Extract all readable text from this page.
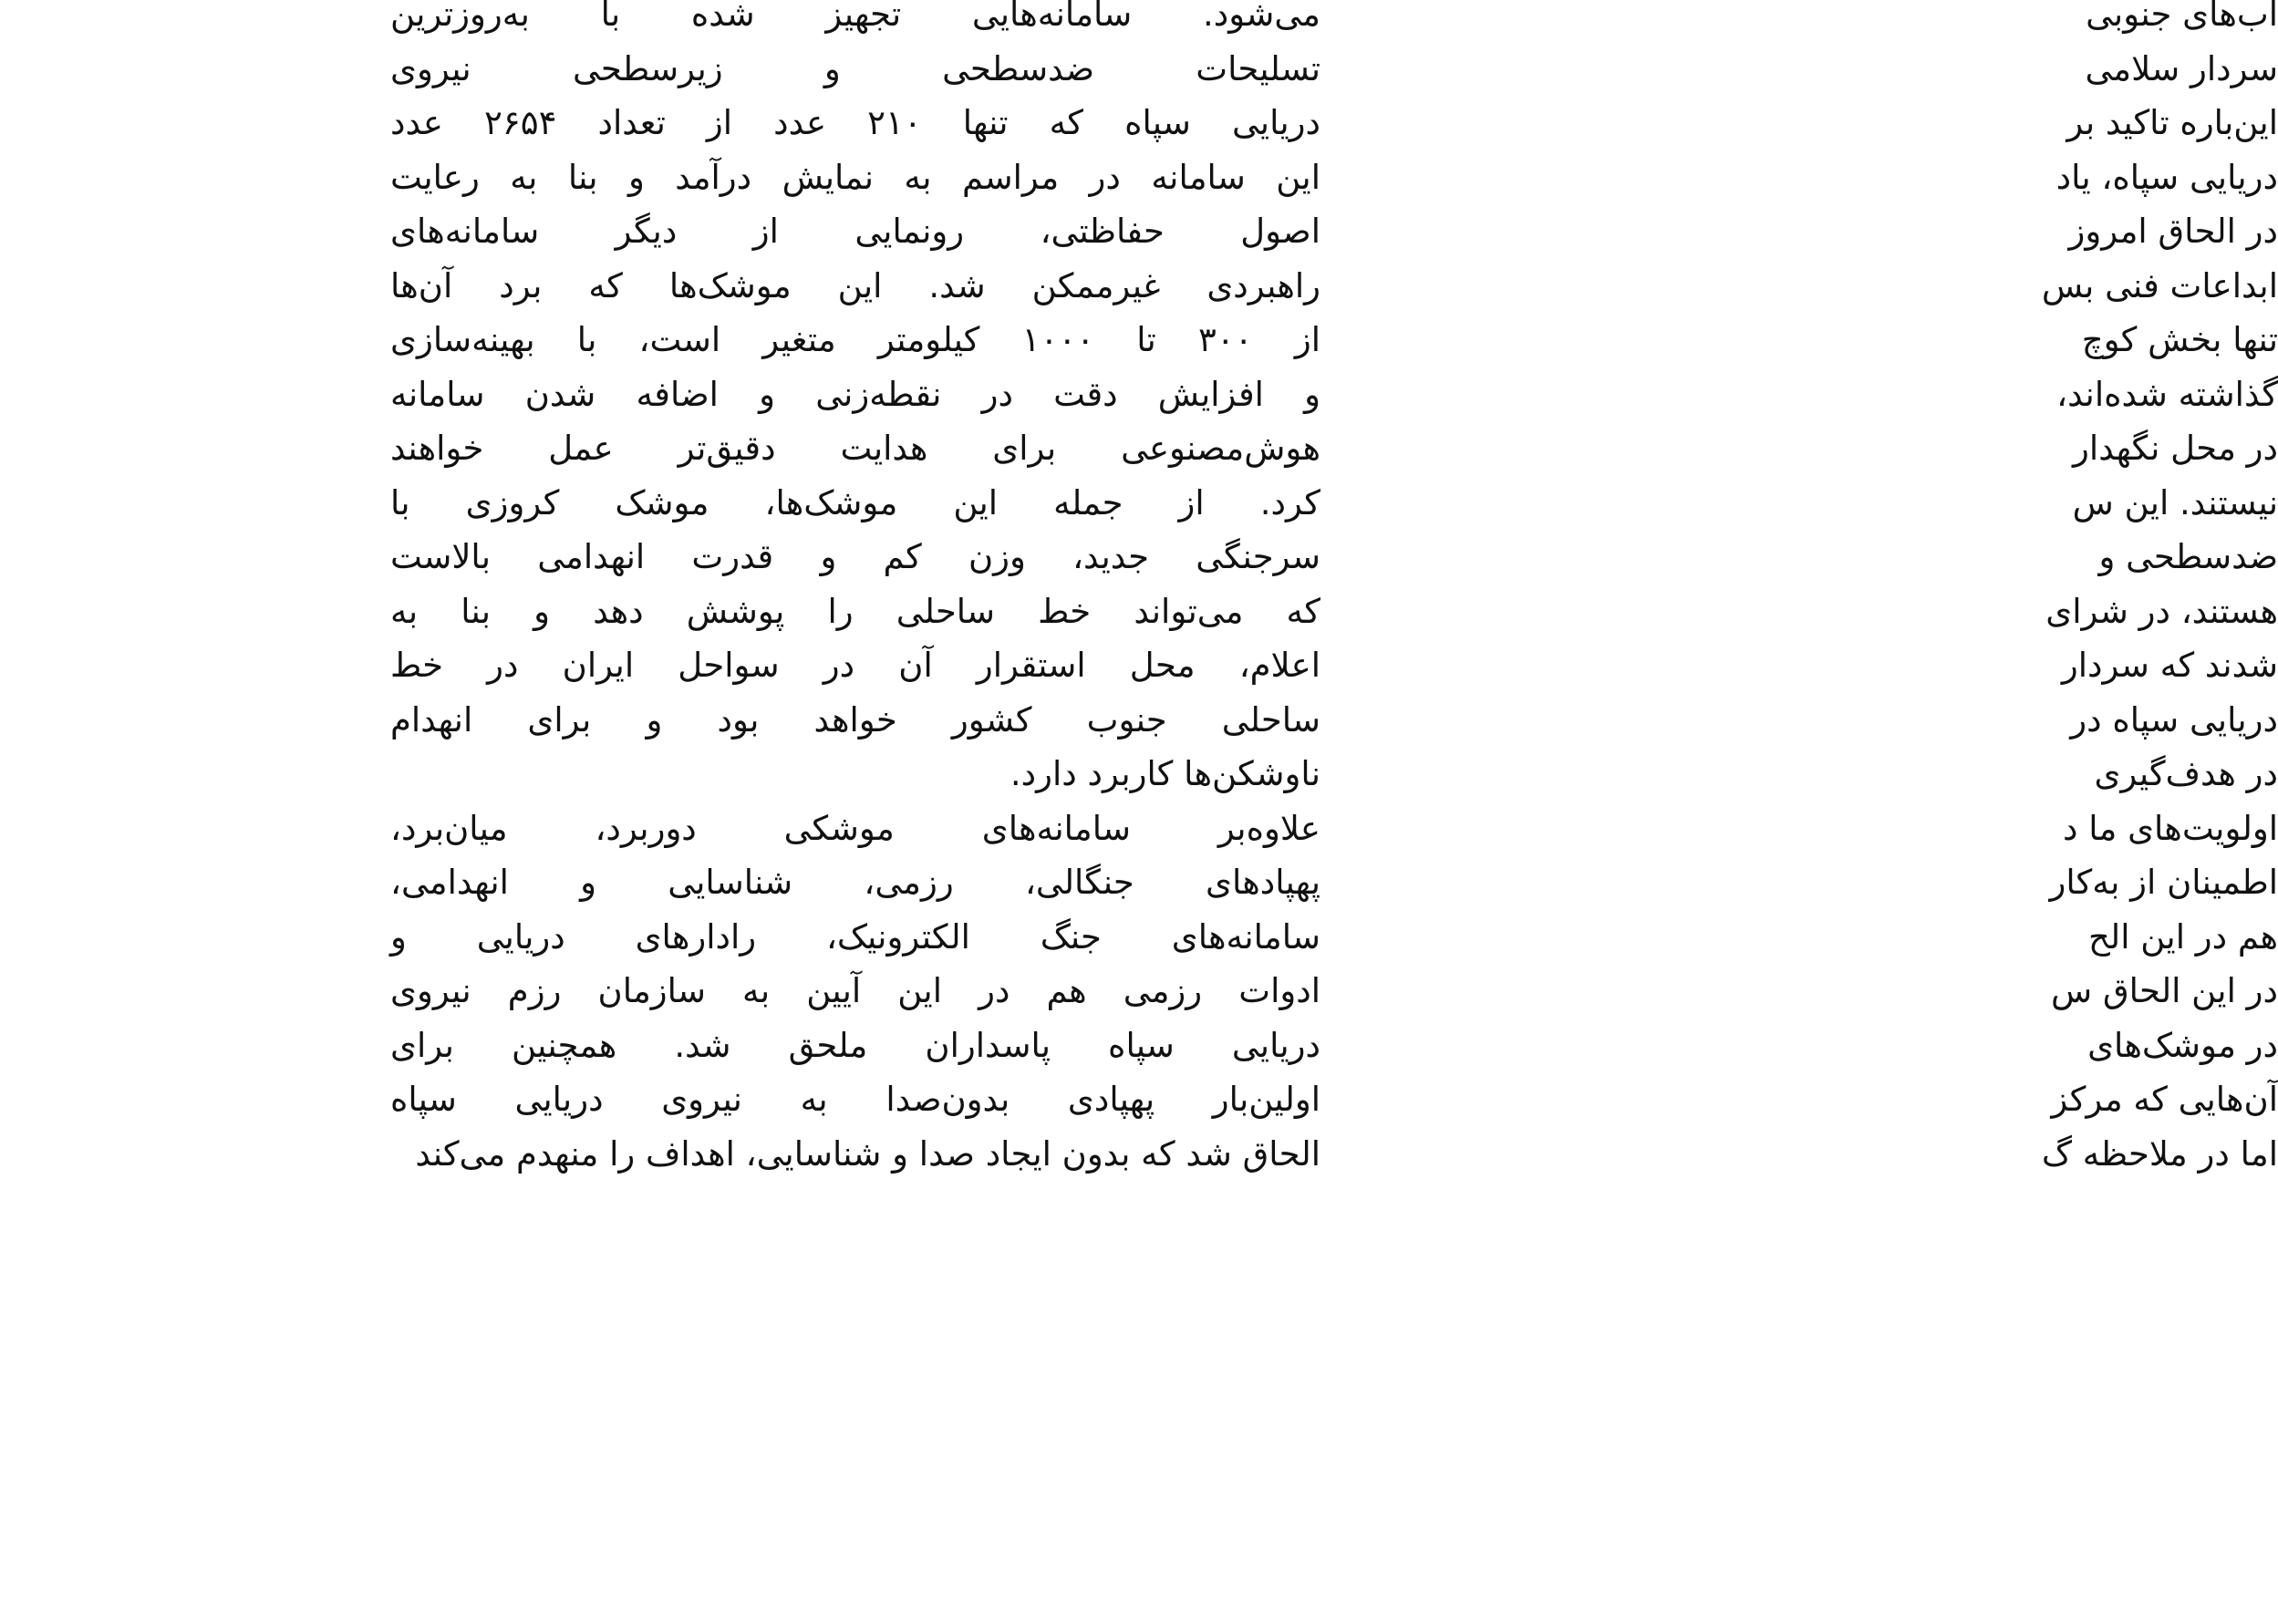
می‌شود. سامانه‌هایی تجهیز شده با به‌روزترین
تسلیحات ضدسطحی و زیرسطحی نیروی
دریایی سپاه که تنها ۲۱۰ عدد از تعداد ۲۶۵۴ عدد
این سامانه در مراسم به نمایش درآمد و بنا به رعایت
اصول حفاظتی، رونمایی از دیگر سامانه‌های
راهبردی غیرممکن شد. این موشک‌ها که برد آن‌ها
از ۳۰۰ تا ۱۰۰۰ کیلومتر متغیر است، با بهینه‌سازی
و افزایش دقت در نقطه‌زنی و اضافه شدن سامانه
هوش‌مصنوعی برای هدایت دقیق‌تر عمل خواهند
کرد. از جمله این موشک‌ها، موشک کروزی با
سرجنگی جدید، وزن کم و قدرت انهدامی بالاست
که می‌تواند خط ساحلی را پوشش دهد و بنا به
اعلام، محل استقرار آن در سواحل ایران در خط
ساحلی جنوب کشور خواهد بود و برای انهدام
ناوشکن‌ها کاربرد دارد.
علاوه‌بر سامانه‌های موشکی دوربرد، میان‌برد،
پهپادهای جنگالی، رزمی، شناسایی و انهدامی،
سامانه‌های جنگ الکترونیک، رادارهای دریایی و
ادوات رزمی هم در این آیین به سازمان رزم نیروی
دریایی سپاه پاسداران ملحق شد. همچنین برای
اولین‌بار پهپادی بدون‌صدا به نیروی دریایی سپاه
الحاق شد که بدون ایجاد صدا و شناسایی، اهداف را منهدم می‌کند
اب‌های جنوبی
سردار سلامی
این‌باره تاکید بر
دریایی سپاه، یاد
در الحاق امروز
ابداعات فنی بس
تنها بخش کوچ
گذاشته شده‌اند،
در محل نگهدار
نیستند. این س
ضدسطحی و
هستند، در شرای
شدند که سردار
دریایی سپاه در
در هدف‌گیری
اولویت‌های ما د
اطمینان از به‌کار
هم در این الح
در این الحاق س
در موشک‌های
آن‌هایی که مرکز
اما در ملاحظه گ
